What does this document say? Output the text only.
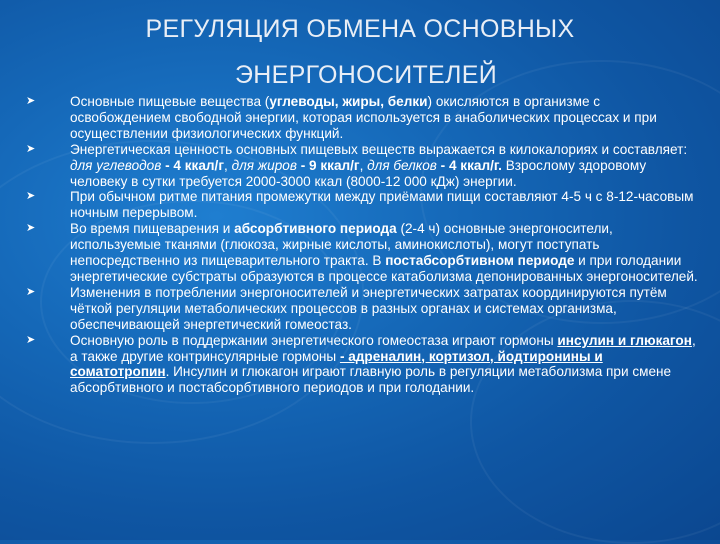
РЕГУЛЯЦИЯ ОБМЕНА ОСНОВНЫХ
ЭНЕРГОНОСИТЕЛЕЙ
➤	Основные пищевые вещества (углеводы, жиры, белки) окисляются в организме с освобождением свободной энергии, которая используется в анаболических процессах и при осуществлении физиологических функций.
➤	Энергетическая ценность основных пищевых веществ выражается в килокалориях и составляет: для углеводов - 4 ккал/г, для жиров - 9 ккал/г, для белков - 4 ккал/г. Взрослому здоровому человеку в сутки требуется 2000-3000 ккал (8000-12 000 кДж) энергии.
➤	При обычном ритме питания промежутки между приёмами пищи составляют 4-5 ч с 8-12-часовым ночным перерывом.
➤	Во время пищеварения и абсорбтивного периода (2-4 ч) основные энергоносители, используемые тканями (глюкоза, жирные кислоты, аминокислоты), могут поступать непосредственно из пищеварительного тракта. В постабсорбтивном периоде и при голодании энергетические субстраты образуются в процессе катаболизма депонированных энергоносителей.
➤	Изменения в потреблении энергоносителей и энергетических затратах координируются путём чёткой регуляции метаболических процессов в разных органах и системах организма, обеспечивающей энергетический гомеостаз.
➤	Основную роль в поддержании энергетического гомеостаза играют гормоны инсулин и глюкагон, а также другие контринсулярные гормоны - адреналин, кортизол, йодтиронины и соматотропин. Инсулин и глюкагон играют главную роль в регуляции метаболизма при смене абсорбтивного и постабсорбтивного периодов и при голодании.
